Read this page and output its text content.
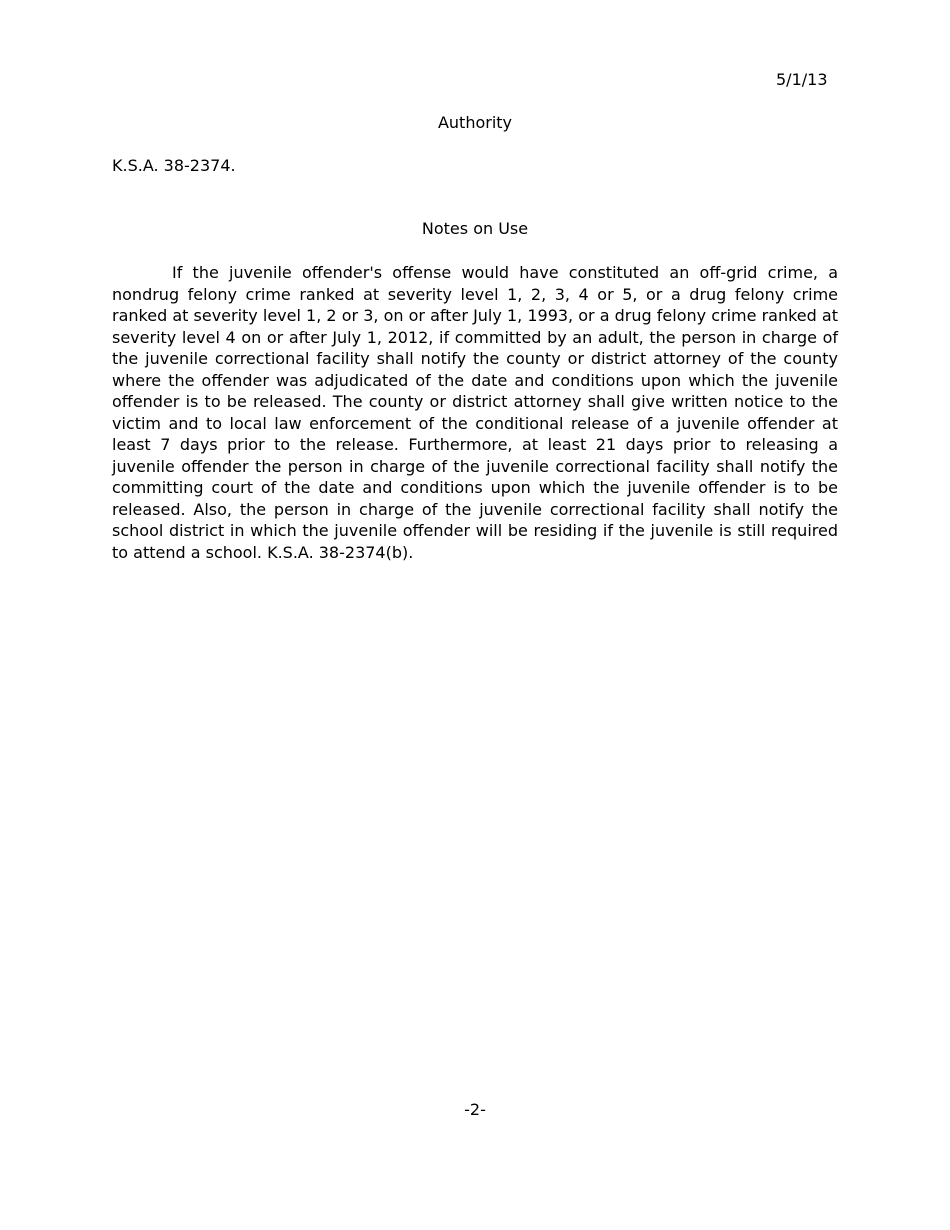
5/1/13
Authority
K.S.A. 38-2374.
Notes on Use

If the juvenile offender's offense would have constituted an off-grid crime, a nondrug felony crime ranked at severity level 1, 2, 3, 4 or 5, or a drug felony crime ranked at severity level 1, 2 or 3, on or after July 1, 1993, or a drug felony crime ranked at severity level 4 on or after July 1, 2012, if committed by an adult, the person in charge of the juvenile correctional facility shall notify the county or district attorney of the county where the offender was adjudicated of the date and conditions upon which the juvenile offender is to be released. The county or district attorney shall give written notice to the victim and to local law enforcement of the conditional release of a juvenile offender at least 7 days prior to the release. Furthermore, at least 21 days prior to releasing a juvenile offender the person in charge of the juvenile correctional facility shall notify the committing court of the date and conditions upon which the juvenile offender is to be released. Also, the person in charge of the juvenile correctional facility shall notify the school district in which the juvenile offender will be residing if the juvenile is still required to attend a school. K.S.A. 38-2374(b).

-2-
